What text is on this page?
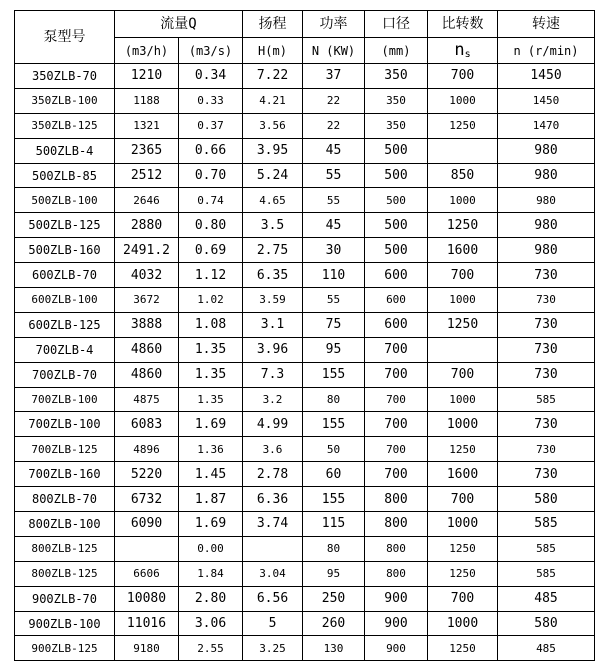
泵型号	流量Q		扬程	功率	口径	比转数	转速
	(m3/h)	(m3/s)	H(m)	N (KW)	(mm)	$n_s$	n (r/min)
350ZLB-70	1210	0.34	7.22	37	350	700	1450
350ZLB-100	1188	0.33	4.21	22	350	1000	1450
350ZLB-125	1321	0.37	3.56	22	350	1250	1470
500ZLB-4	2365	0.66	3.95	45	500		980
500ZLB-85	2512	0.70	5.24	55	500	850	980
500ZLB-100	2646	0.74	4.65	55	500	1000	980
500ZLB-125	2880	0.80	3.5	45	500	1250	980
500ZLB-160	2491.2	0.69	2.75	30	500	1600	980
600ZLB-70	4032	1.12	6.35	110	600	700	730
600ZLB-100	3672	1.02	3.59	55	600	1000	730
600ZLB-125	3888	1.08	3.1	75	600	1250	730
700ZLB-4	4860	1.35	3.96	95	700		730
700ZLB-70	4860	1.35	7.3	155	700	700	730
700ZLB-100	4875	1.35	3.2	80	700	1000	585
700ZLB-100	6083	1.69	4.99	155	700	1000	730
700ZLB-125	4896	1.36	3.6	50	700	1250	730
700ZLB-160	5220	1.45	2.78	60	700	1600	730
800ZLB-70	6732	1.87	6.36	155	800	700	580
800ZLB-100	6090	1.69	3.74	115	800	1000	585
800ZLB-125		0.00		80	800	1250	585
800ZLB-125	6606	1.84	3.04	95	800	1250	585
900ZLB-70	10080	2.80	6.56	250	900	700	485
900ZLB-100	11016	3.06	5	260	900	1000	580
900ZLB-125	9180	2.55	3.25	130	900	1250	485
